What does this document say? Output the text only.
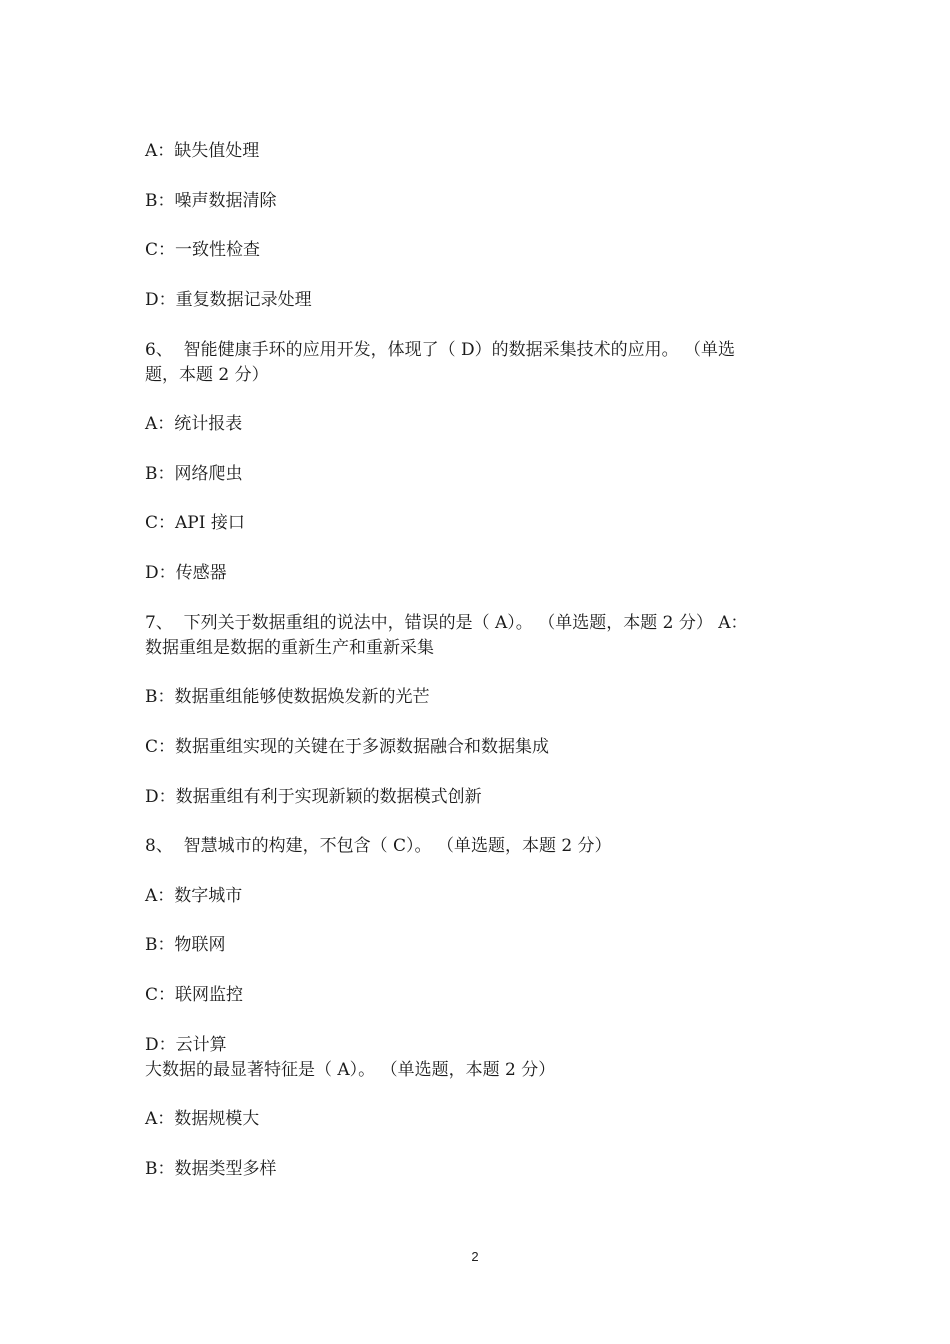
A：缺失值处理
B：噪声数据清除
C：一致性检查
D：重复数据记录处理
6、  智能健康手环的应用开发，体现了（ D）的数据采集技术的应用。 （单选
题，本题 2 分）
A：统计报表
B：网络爬虫
C：API 接口
D：传感器
7、  下列关于数据重组的说法中，错误的是（ A）。 （单选题，本题 2 分） A：
数据重组是数据的重新生产和重新采集
B：数据重组能够使数据焕发新的光芒
C：数据重组实现的关键在于多源数据融合和数据集成
D：数据重组有利于实现新颖的数据模式创新
8、  智慧城市的构建，不包含（ C）。 （单选题，本题 2 分）
A：数字城市
B：物联网
C：联网监控
D：云计算
大数据的最显著特征是（ A）。 （单选题，本题 2 分）
A：数据规模大
B：数据类型多样
2
